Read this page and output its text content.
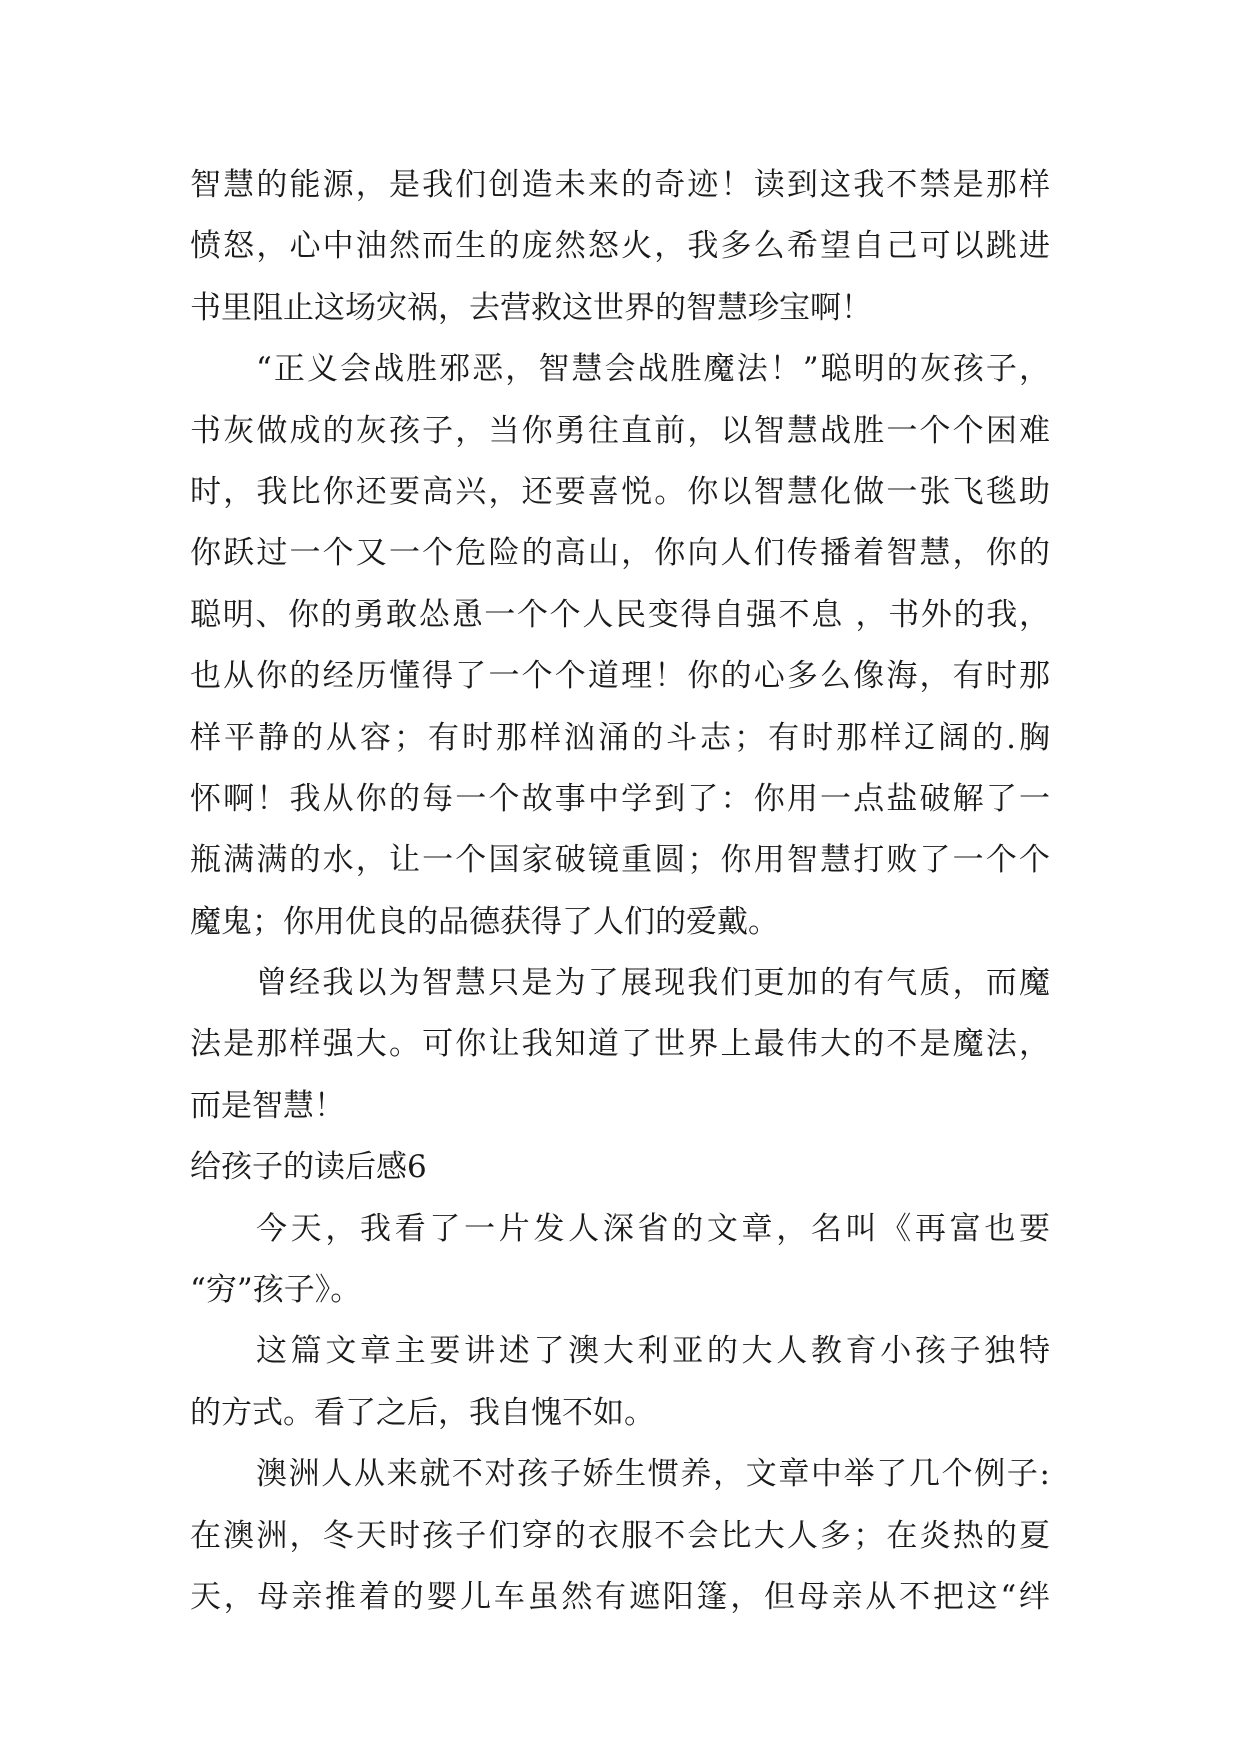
智慧的能源，是我们创造未来的奇迹！读到这我不禁是那样
愤怒，心中油然而生的庞然怒火，我多么希望自己可以跳进
书里阻止这场灾祸，去营救这世界的智慧珍宝啊！
“正义会战胜邪恶，智慧会战胜魔法！”聪明的灰孩子，
书灰做成的灰孩子，当你勇往直前，以智慧战胜一个个困难
时，我比你还要高兴，还要喜悦。你以智慧化做一张飞毯助
你跃过一个又一个危险的高山，你向人们传播着智慧，你的
聪明、你的勇敢怂恿一个个人民变得自强不息 ，书外的我，
也从你的经历懂得了一个个道理！你的心多么像海，有时那
样平静的从容；有时那样汹涌的斗志；有时那样辽阔的.胸
怀啊！我从你的每一个故事中学到了：你用一点盐破解了一
瓶满满的水，让一个国家破镜重圆；你用智慧打败了一个个
魔鬼；你用优良的品德获得了人们的爱戴。
曾经我以为智慧只是为了展现我们更加的有气质，而魔
法是那样强大。可你让我知道了世界上最伟大的不是魔法，
而是智慧！
给孩子的读后感6
今天，我看了一片发人深省的文章，名叫《再富也要
“穷”孩子》。
这篇文章主要讲述了澳大利亚的大人教育小孩子独特
的方式。看了之后，我自愧不如。
澳洲人从来就不对孩子娇生惯养，文章中举了几个例子:
在澳洲，冬天时孩子们穿的衣服不会比大人多；在炎热的夏
天，母亲推着的婴儿车虽然有遮阳篷，但母亲从不把这“绊
